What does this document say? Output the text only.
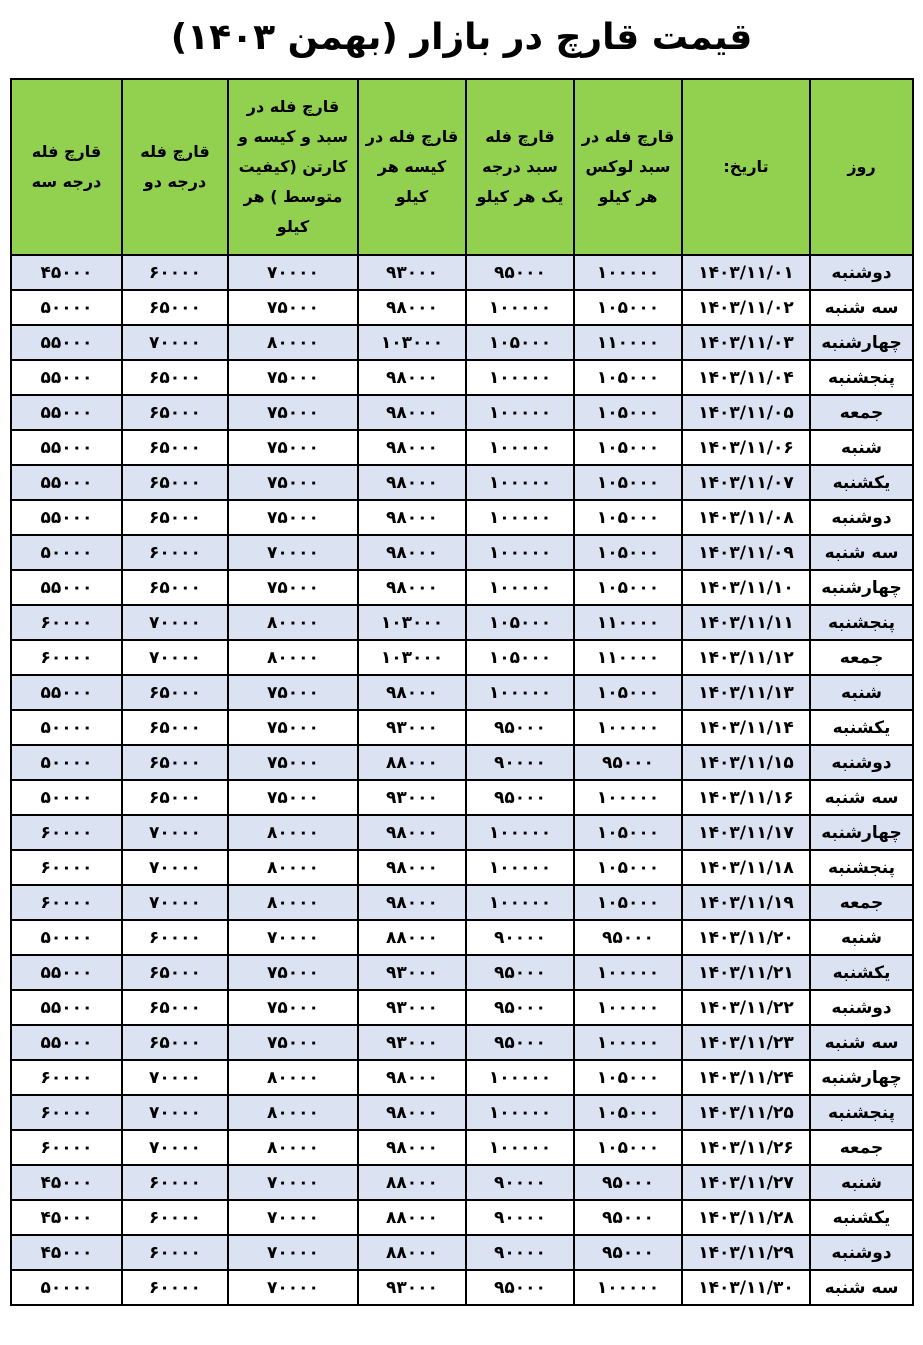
قیمت قارچ در بازار (بهمن ۱۴۰۳)
روز	تاریخ:	قارچ فله در سبد لوکس هر کیلو	قارچ فله سبد درجه یک هر کیلو	قارچ فله در کیسه هر کیلو	قارچ فله در سبد و کیسه و کارتن (کیفیت متوسط ) هر کیلو	قارچ فله درجه دو	قارچ فله درجه سه
دوشنبه	۱۴۰۳/۱۱/۰۱	۱۰۰۰۰۰	۹۵۰۰۰	۹۳۰۰۰	۷۰۰۰۰	۶۰۰۰۰	۴۵۰۰۰
سه شنبه	۱۴۰۳/۱۱/۰۲	۱۰۵۰۰۰	۱۰۰۰۰۰	۹۸۰۰۰	۷۵۰۰۰	۶۵۰۰۰	۵۰۰۰۰
چهارشنبه	۱۴۰۳/۱۱/۰۳	۱۱۰۰۰۰	۱۰۵۰۰۰	۱۰۳۰۰۰	۸۰۰۰۰	۷۰۰۰۰	۵۵۰۰۰
پنجشنبه	۱۴۰۳/۱۱/۰۴	۱۰۵۰۰۰	۱۰۰۰۰۰	۹۸۰۰۰	۷۵۰۰۰	۶۵۰۰۰	۵۵۰۰۰
جمعه	۱۴۰۳/۱۱/۰۵	۱۰۵۰۰۰	۱۰۰۰۰۰	۹۸۰۰۰	۷۵۰۰۰	۶۵۰۰۰	۵۵۰۰۰
شنبه	۱۴۰۳/۱۱/۰۶	۱۰۵۰۰۰	۱۰۰۰۰۰	۹۸۰۰۰	۷۵۰۰۰	۶۵۰۰۰	۵۵۰۰۰
یکشنبه	۱۴۰۳/۱۱/۰۷	۱۰۵۰۰۰	۱۰۰۰۰۰	۹۸۰۰۰	۷۵۰۰۰	۶۵۰۰۰	۵۵۰۰۰
دوشنبه	۱۴۰۳/۱۱/۰۸	۱۰۵۰۰۰	۱۰۰۰۰۰	۹۸۰۰۰	۷۵۰۰۰	۶۵۰۰۰	۵۵۰۰۰
سه شنبه	۱۴۰۳/۱۱/۰۹	۱۰۵۰۰۰	۱۰۰۰۰۰	۹۸۰۰۰	۷۰۰۰۰	۶۰۰۰۰	۵۰۰۰۰
چهارشنبه	۱۴۰۳/۱۱/۱۰	۱۰۵۰۰۰	۱۰۰۰۰۰	۹۸۰۰۰	۷۵۰۰۰	۶۵۰۰۰	۵۵۰۰۰
پنجشنبه	۱۴۰۳/۱۱/۱۱	۱۱۰۰۰۰	۱۰۵۰۰۰	۱۰۳۰۰۰	۸۰۰۰۰	۷۰۰۰۰	۶۰۰۰۰
جمعه	۱۴۰۳/۱۱/۱۲	۱۱۰۰۰۰	۱۰۵۰۰۰	۱۰۳۰۰۰	۸۰۰۰۰	۷۰۰۰۰	۶۰۰۰۰
شنبه	۱۴۰۳/۱۱/۱۳	۱۰۵۰۰۰	۱۰۰۰۰۰	۹۸۰۰۰	۷۵۰۰۰	۶۵۰۰۰	۵۵۰۰۰
یکشنبه	۱۴۰۳/۱۱/۱۴	۱۰۰۰۰۰	۹۵۰۰۰	۹۳۰۰۰	۷۵۰۰۰	۶۵۰۰۰	۵۰۰۰۰
دوشنبه	۱۴۰۳/۱۱/۱۵	۹۵۰۰۰	۹۰۰۰۰	۸۸۰۰۰	۷۵۰۰۰	۶۵۰۰۰	۵۰۰۰۰
سه شنبه	۱۴۰۳/۱۱/۱۶	۱۰۰۰۰۰	۹۵۰۰۰	۹۳۰۰۰	۷۵۰۰۰	۶۵۰۰۰	۵۰۰۰۰
چهارشنبه	۱۴۰۳/۱۱/۱۷	۱۰۵۰۰۰	۱۰۰۰۰۰	۹۸۰۰۰	۸۰۰۰۰	۷۰۰۰۰	۶۰۰۰۰
پنجشنبه	۱۴۰۳/۱۱/۱۸	۱۰۵۰۰۰	۱۰۰۰۰۰	۹۸۰۰۰	۸۰۰۰۰	۷۰۰۰۰	۶۰۰۰۰
جمعه	۱۴۰۳/۱۱/۱۹	۱۰۵۰۰۰	۱۰۰۰۰۰	۹۸۰۰۰	۸۰۰۰۰	۷۰۰۰۰	۶۰۰۰۰
شنبه	۱۴۰۳/۱۱/۲۰	۹۵۰۰۰	۹۰۰۰۰	۸۸۰۰۰	۷۰۰۰۰	۶۰۰۰۰	۵۰۰۰۰
یکشنبه	۱۴۰۳/۱۱/۲۱	۱۰۰۰۰۰	۹۵۰۰۰	۹۳۰۰۰	۷۵۰۰۰	۶۵۰۰۰	۵۵۰۰۰
دوشنبه	۱۴۰۳/۱۱/۲۲	۱۰۰۰۰۰	۹۵۰۰۰	۹۳۰۰۰	۷۵۰۰۰	۶۵۰۰۰	۵۵۰۰۰
سه شنبه	۱۴۰۳/۱۱/۲۳	۱۰۰۰۰۰	۹۵۰۰۰	۹۳۰۰۰	۷۵۰۰۰	۶۵۰۰۰	۵۵۰۰۰
چهارشنبه	۱۴۰۳/۱۱/۲۴	۱۰۵۰۰۰	۱۰۰۰۰۰	۹۸۰۰۰	۸۰۰۰۰	۷۰۰۰۰	۶۰۰۰۰
پنجشنبه	۱۴۰۳/۱۱/۲۵	۱۰۵۰۰۰	۱۰۰۰۰۰	۹۸۰۰۰	۸۰۰۰۰	۷۰۰۰۰	۶۰۰۰۰
جمعه	۱۴۰۳/۱۱/۲۶	۱۰۵۰۰۰	۱۰۰۰۰۰	۹۸۰۰۰	۸۰۰۰۰	۷۰۰۰۰	۶۰۰۰۰
شنبه	۱۴۰۳/۱۱/۲۷	۹۵۰۰۰	۹۰۰۰۰	۸۸۰۰۰	۷۰۰۰۰	۶۰۰۰۰	۴۵۰۰۰
یکشنبه	۱۴۰۳/۱۱/۲۸	۹۵۰۰۰	۹۰۰۰۰	۸۸۰۰۰	۷۰۰۰۰	۶۰۰۰۰	۴۵۰۰۰
دوشنبه	۱۴۰۳/۱۱/۲۹	۹۵۰۰۰	۹۰۰۰۰	۸۸۰۰۰	۷۰۰۰۰	۶۰۰۰۰	۴۵۰۰۰
سه شنبه	۱۴۰۳/۱۱/۳۰	۱۰۰۰۰۰	۹۵۰۰۰	۹۳۰۰۰	۷۰۰۰۰	۶۰۰۰۰	۵۰۰۰۰
